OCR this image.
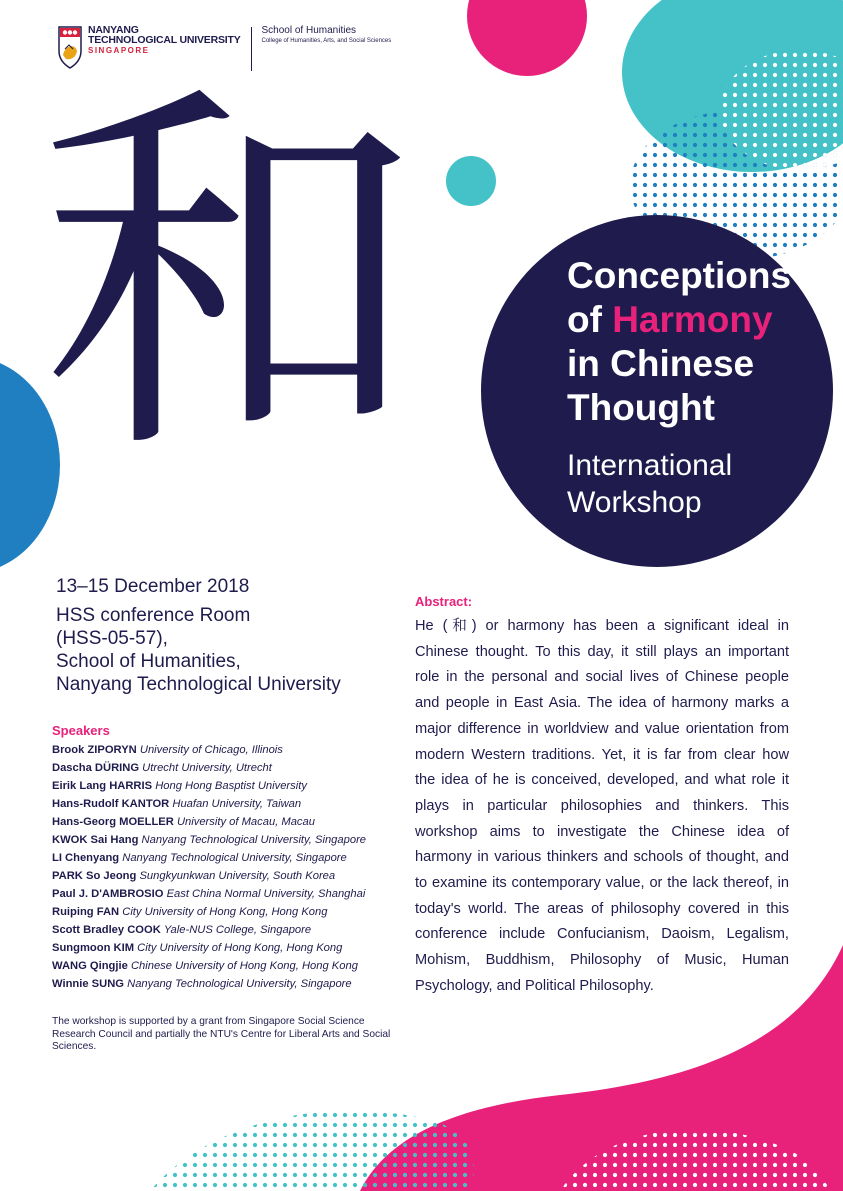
NANYANG
TECHNOLOGICAL UNIVERSITY
SINGAPORE
School of Humanities
College of Humanities, Arts, and Social Sciences
和	Conceptions
of Harmony
in Chinese
Thought
International
Workshop
13–15 December 2018
HSS conference Room
(HSS-05-57),
School of Humanities,
Nanyang Technological University
Speakers
Brook ZIPORYN University of Chicago, Illinois
Dascha DÜRING Utrecht University, Utrecht
Eirik Lang HARRIS Hong Hong Basptist University
Hans-Rudolf KANTOR Huafan University, Taiwan
Hans-Georg MOELLER University of Macau, Macau
KWOK Sai Hang Nanyang Technological University, Singapore
LI Chenyang Nanyang Technological University, Singapore
PARK So Jeong Sungkyunkwan University, South Korea
Paul J. D'AMBROSIO East China Normal University, Shanghai
Ruiping FAN City University of Hong Kong, Hong Kong
Scott Bradley COOK Yale-NUS College, Singapore
Sungmoon KIM City University of Hong Kong, Hong Kong
WANG Qingjie Chinese University of Hong Kong, Hong Kong
Winnie SUNG Nanyang Technological University, Singapore
The workshop is supported by a grant from Singapore Social Science Research Council and partially the NTU's Centre for Liberal Arts and Social Sciences.
Abstract:
He (和) or harmony has been a significant ideal in Chinese thought. To this day, it still plays an important role in the personal and social lives of Chinese people and people in East Asia. The idea of harmony marks a major difference in worldview and value orientation from modern Western traditions. Yet, it is far from clear how the idea of he is conceived, developed, and what role it plays in particular philosophies and thinkers. This workshop aims to investigate the Chinese idea of harmony in various thinkers and schools of thought, and to examine its contemporary value, or the lack thereof, in today's world. The areas of philosophy covered in this conference include Confucianism, Daoism, Legalism, Mohism, Buddhism, Philosophy of Music, Human Psychology, and Political Philosophy.
